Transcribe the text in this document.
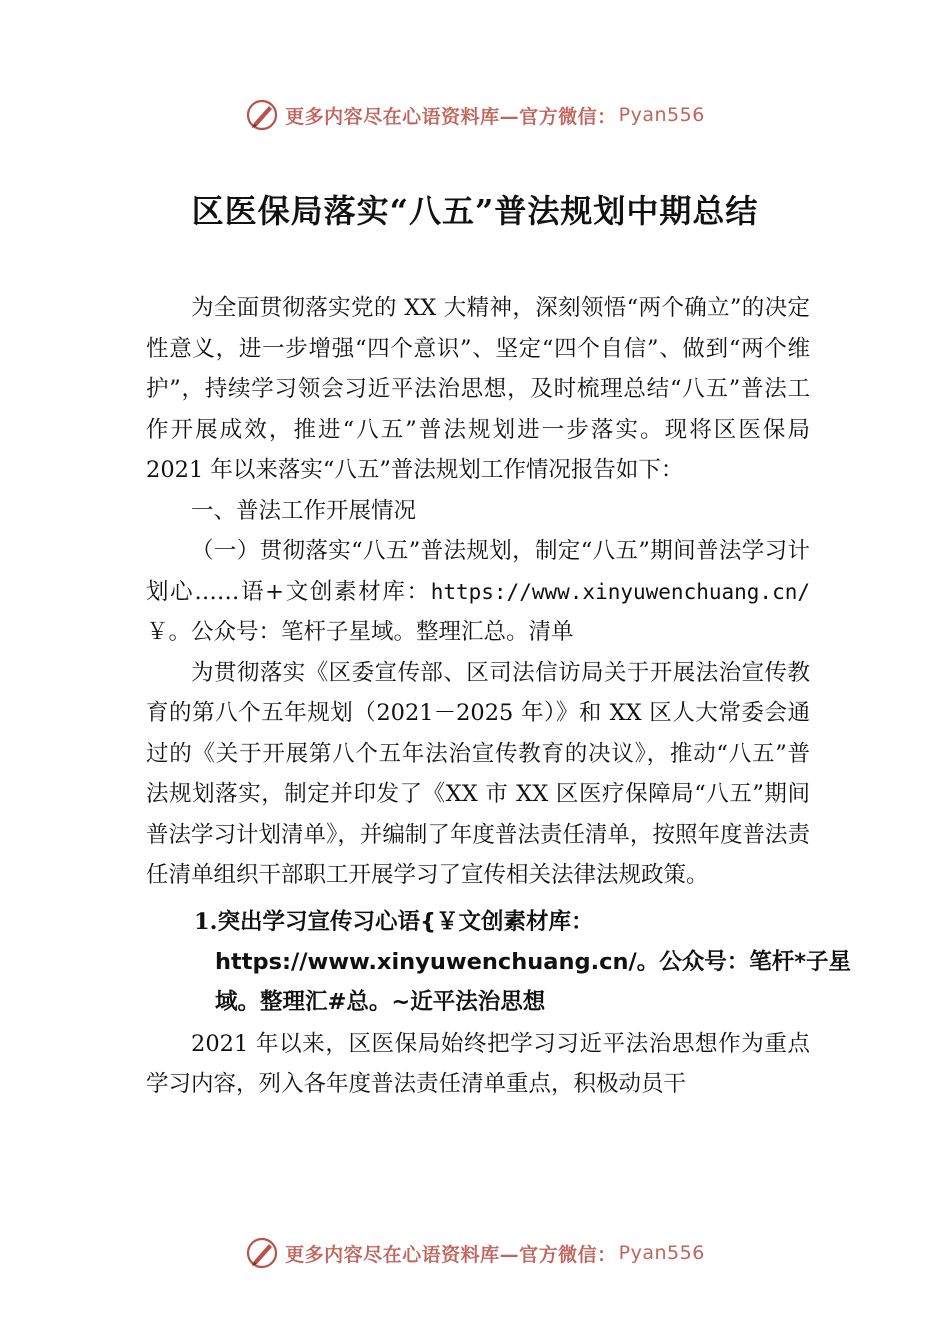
更多内容尽在心语资料库—官方微信： Pyan556
区医保局落实“八五”普法规划中期总结

为全面贯彻落实党的 XX 大精神，深刻领悟“两个确立”的决定性意义，进一步增强“四个意识”、坚定“四个自信”、做到“两个维护”，持续学习领会习近平法治思想，及时梳理总结“八五”普法工作开展成效，推进“八五”普法规划进一步落实。现将区医保局 2021 年以来落实“八五”普法规划工作情况报告如下：

一、普法工作开展情况

（一）贯彻落实“八五”普法规划，制定“八五”期间普法学习计划心……语+文创素材库：https://www.xinyuwenchuang.cn/￥。公众号：笔杆子星域。整理汇总。清单

为贯彻落实《区委宣传部、区司法信访局关于开展法治宣传教育的第八个五年规划（2021－2025 年）》和 XX 区人大常委会通过的《关于开展第八个五年法治宣传教育的决议》，推动“八五”普法规划落实，制定并印发了《XX 市 XX 区医疗保障局“八五”期间普法学习计划清单》，并编制了年度普法责任清单，按照年度普法责任清单组织干部职工开展学习了宣传相关法律法规政策。

1.突出学习宣传习心语{￥文创素材库：https://www.xinyuwenchuang.cn/。公众号：笔杆*子星域。整理汇#总。~近平法治思想

2021 年以来，区医保局始终把学习习近平法治思想作为重点学习内容，列入各年度普法责任清单重点，积极动员干

更多内容尽在心语资料库—官方微信： Pyan556
